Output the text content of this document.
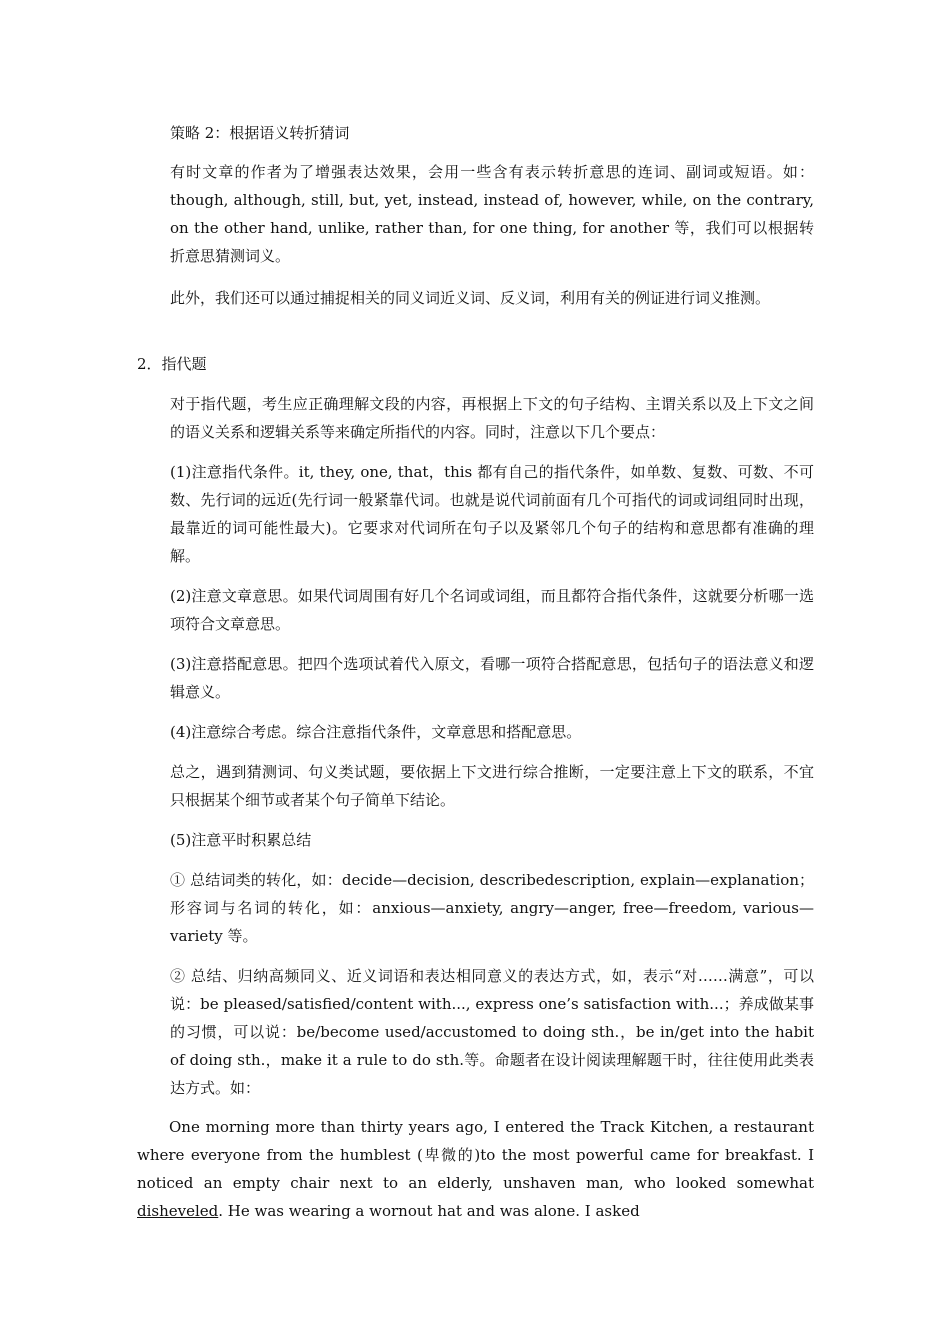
策略 2：根据语义转折猜词

有时文章的作者为了增强表达效果，会用一些含有表示转折意思的连词、副词或短语。如：though, although, still, but, yet, instead, instead of, however, while, on the contrary, on the other hand, unlike, rather than, for one thing, for another 等，我们可以根据转折意思猜测词义。

此外，我们还可以通过捕捉相关的同义词近义词、反义词，利用有关的例证进行词义推测。

2．指代题

对于指代题，考生应正确理解文段的内容，再根据上下文的句子结构、主谓关系以及上下文之间的语义关系和逻辑关系等来确定所指代的内容。同时，注意以下几个要点：

(1)注意指代条件。it, they, one, that，this 都有自己的指代条件，如单数、复数、可数、不可数、先行词的远近(先行词一般紧靠代词。也就是说代词前面有几个可指代的词或词组同时出现，最靠近的词可能性最大)。它要求对代词所在句子以及紧邻几个句子的结构和意思都有准确的理解。

(2)注意文章意思。如果代词周围有好几个名词或词组，而且都符合指代条件，这就要分析哪一选项符合文章意思。

(3)注意搭配意思。把四个选项试着代入原文，看哪一项符合搭配意思，包括句子的语法意义和逻辑意义。

(4)注意综合考虑。综合注意指代条件，文章意思和搭配意思。

总之，遇到猜测词、句义类试题，要依据上下文进行综合推断，一定要注意上下文的联系，不宜只根据某个细节或者某个句子简单下结论。

(5)注意平时积累总结

① 总结词类的转化，如：decide—decision, describedescription, explain—explanation；形容词与名词的转化，如：anxious—anxiety, angry—anger, free—freedom, various—variety 等。

② 总结、归纳高频同义、近义词语和表达相同意义的表达方式，如，表示“对……满意”，可以说：be pleased/satisfied/content with..., express one’s satisfaction with...；养成做某事的习惯，可以说：be/become used/accustomed to doing sth.，be in/get into the habit of doing sth.，make it a rule to do sth.等。命题者在设计阅读理解题干时，往往使用此类表达方式。如：

One morning more than thirty years ago, I entered the Track Kitchen, a restaurant where everyone from the humblest (卑微的)to the most powerful came for breakfast. I noticed an empty chair next to an elderly, unshaven man, who looked somewhat disheveled. He was wearing a wornout hat and was alone. I asked
